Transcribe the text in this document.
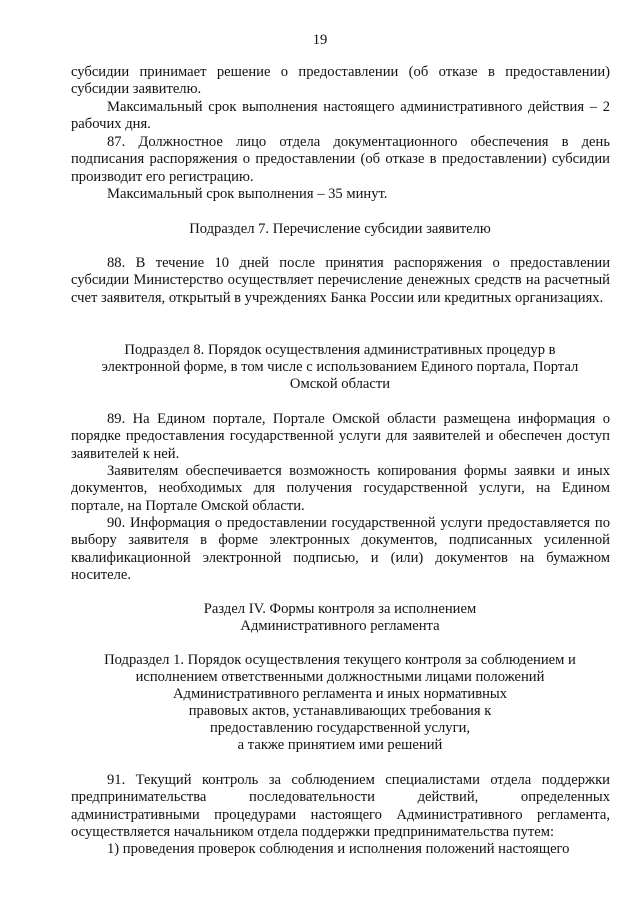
19

субсидии принимает решение о предоставлении (об отказе в предоставлении) субсидии заявителю.

Максимальный срок выполнения настоящего административного действия – 2 рабочих дня.

87. Должностное лицо отдела документационного обеспечения в день подписания распоряжения о предоставлении (об отказе в предоставлении) субсидии производит его регистрацию.

Максимальный срок выполнения – 35 минут.

Подраздел 7. Перечисление субсидии заявителю

88. В течение 10 дней после принятия распоряжения о предоставлении субсидии Министерство осуществляет перечисление денежных средств на расчетный счет заявителя, открытый в учреждениях Банка России или кредитных организациях.

Подраздел 8. Порядок осуществления административных процедур в

электронной форме, в том числе с использованием Единого портала, Портал

Омской области

89. На Едином портале, Портале Омской области размещена информация о порядке предоставления государственной услуги для заявителей и обеспечен доступ заявителей к ней.

Заявителям обеспечивается возможность копирования формы заявки и иных документов, необходимых для получения государственной услуги, на Едином портале, на Портале Омской области.

90. Информация о предоставлении государственной услуги предоставляется по выбору заявителя в форме электронных документов, подписанных усиленной квалификационной электронной подписью, и (или) документов на бумажном носителе.

Раздел IV. Формы контроля за исполнением

Административного регламента

Подраздел 1. Порядок осуществления текущего контроля за соблюдением и

исполнением ответственными должностными лицами положений

Административного регламента и иных нормативных

правовых актов, устанавливающих требования к

предоставлению государственной услуги,

а также принятием ими решений

91. Текущий контроль за соблюдением специалистами отдела поддержки предпринимательства последовательности действий, определенных административными процедурами настоящего Административного регламента, осуществляется начальником отдела поддержки предпринимательства путем:

1) проведения проверок соблюдения и исполнения положений настоящего
